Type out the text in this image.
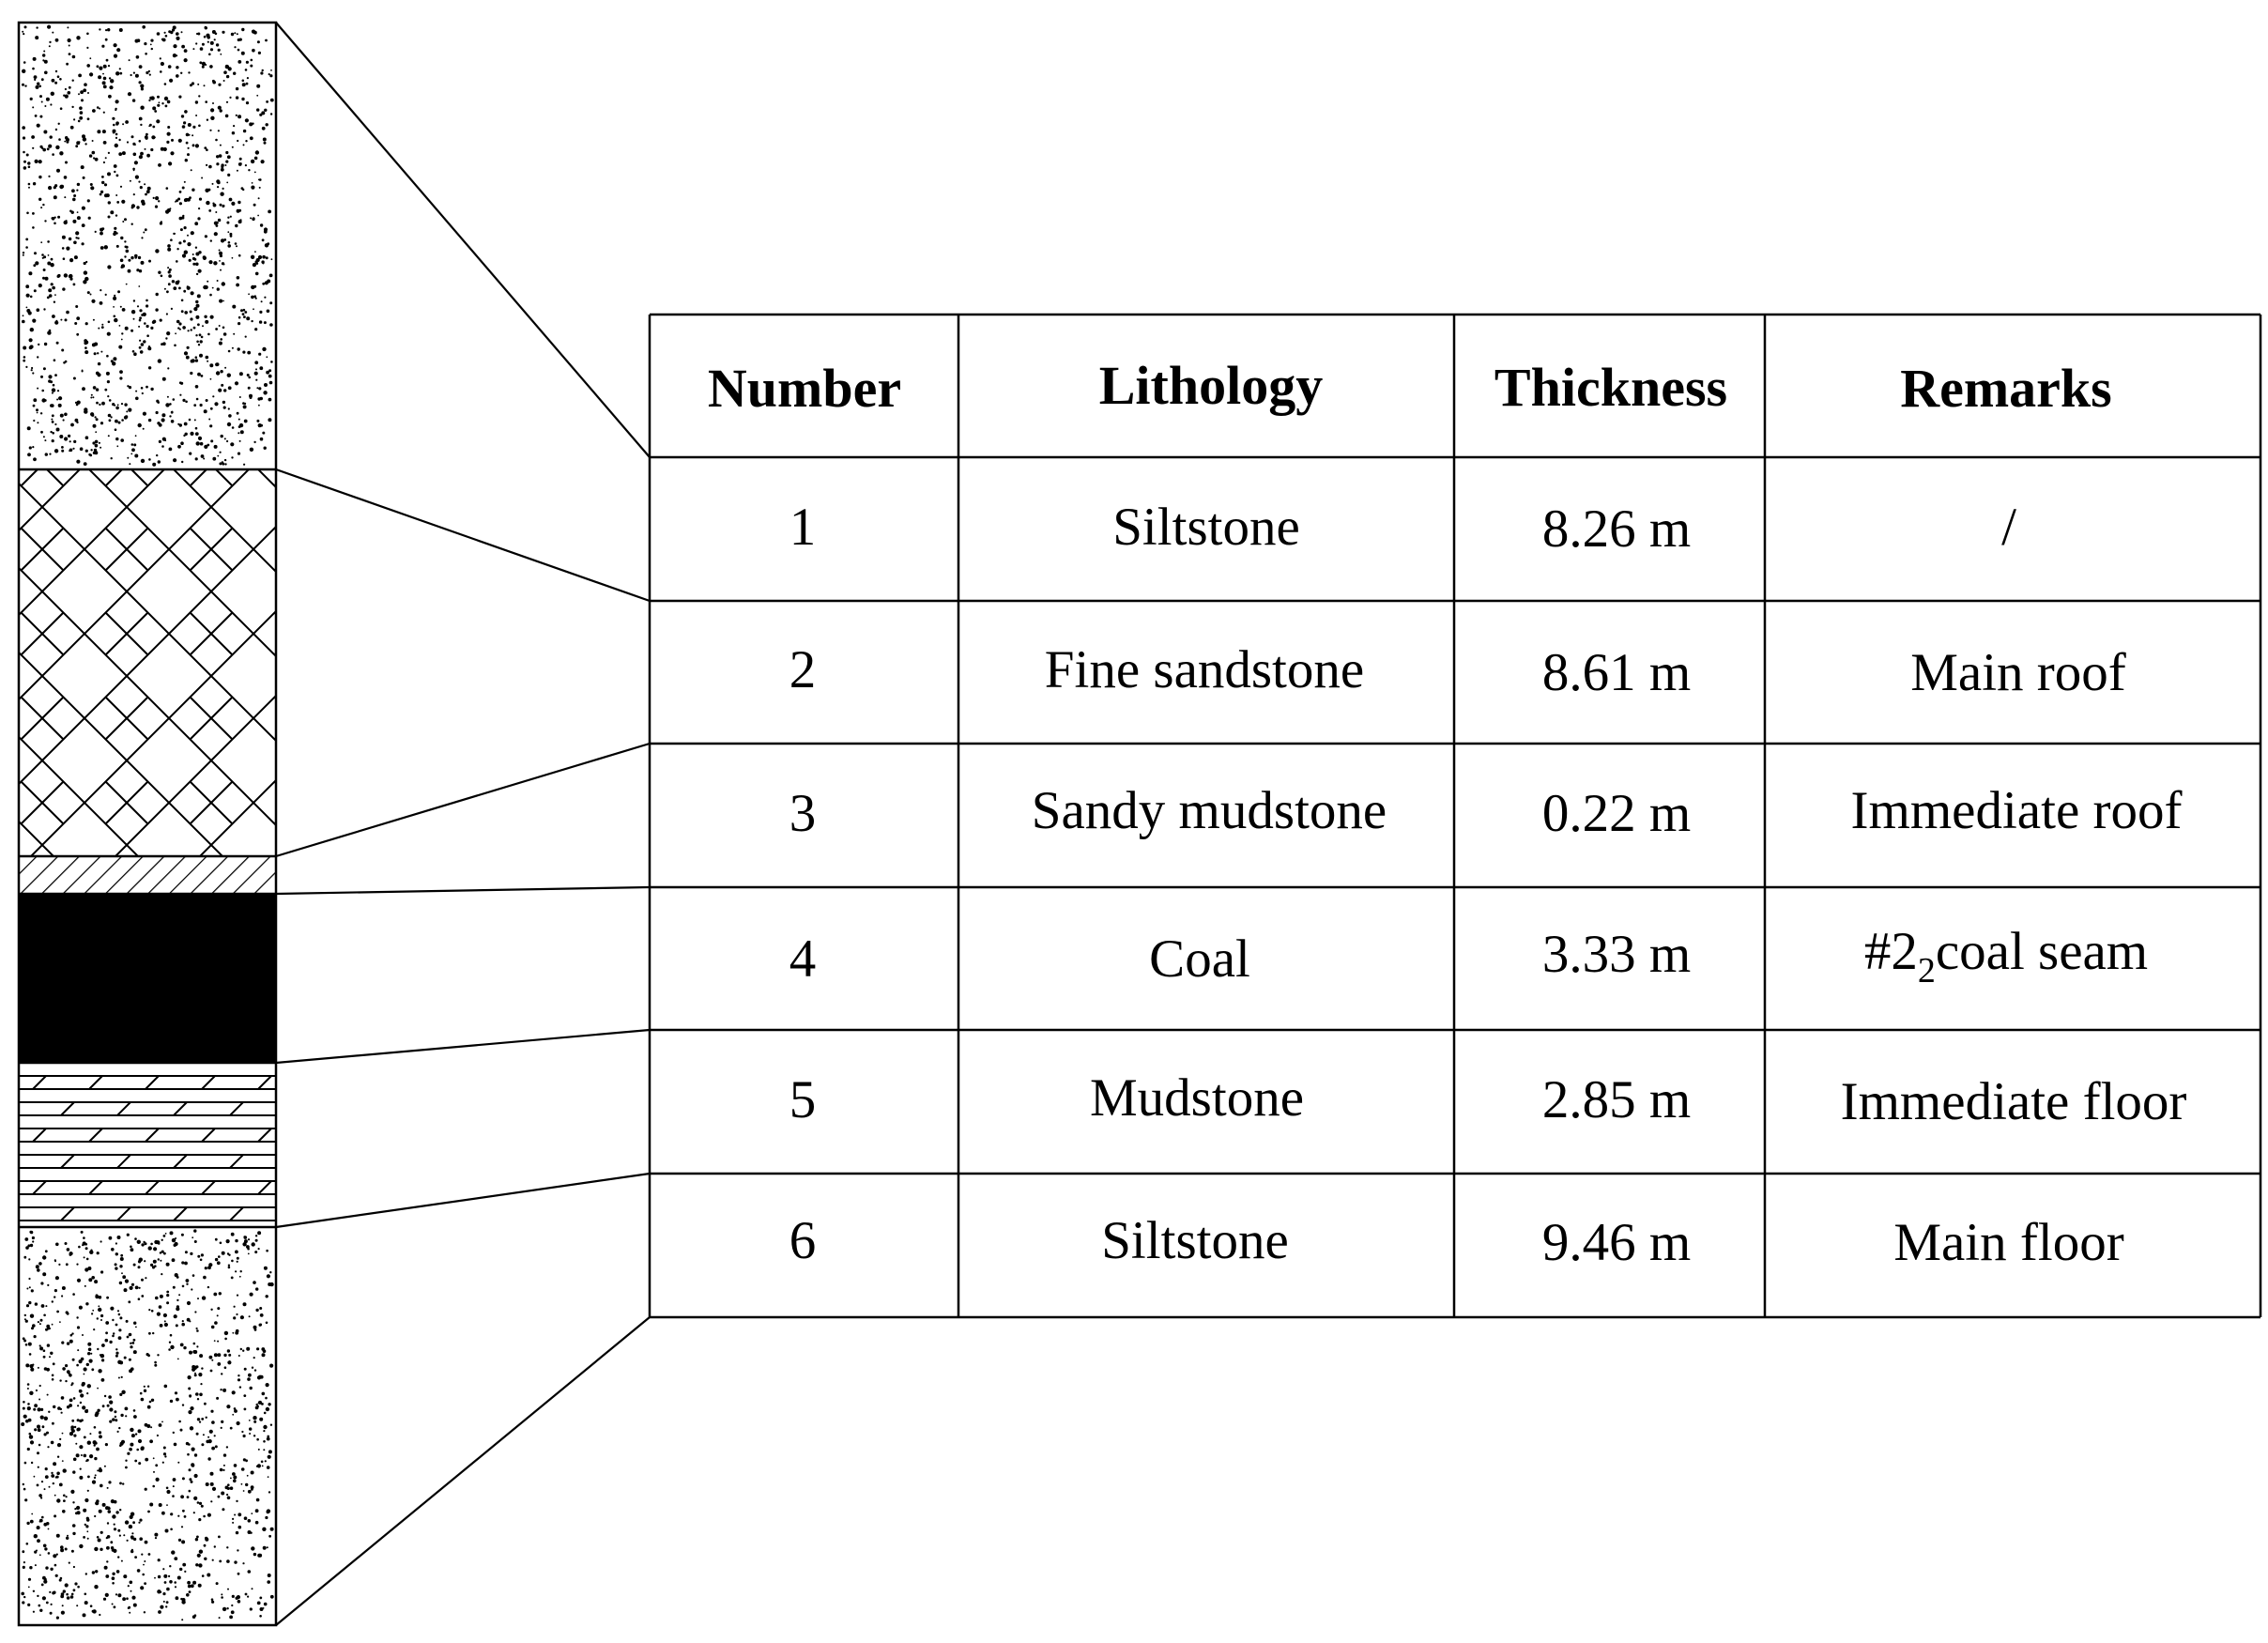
Number	Lithology	Thickness	Remarks
1	Siltstone	8.26 m	/
2	Fine sandstone	8.61 m	Main roof
3	Sandy mudstone	0.22 m	Immediate roof
4	Coal	3.33 m	$\#2_2coal$ seam
5	Mudstone	2.85 m	Immediate floor
6	Siltstone	9.46 m	Main floor
